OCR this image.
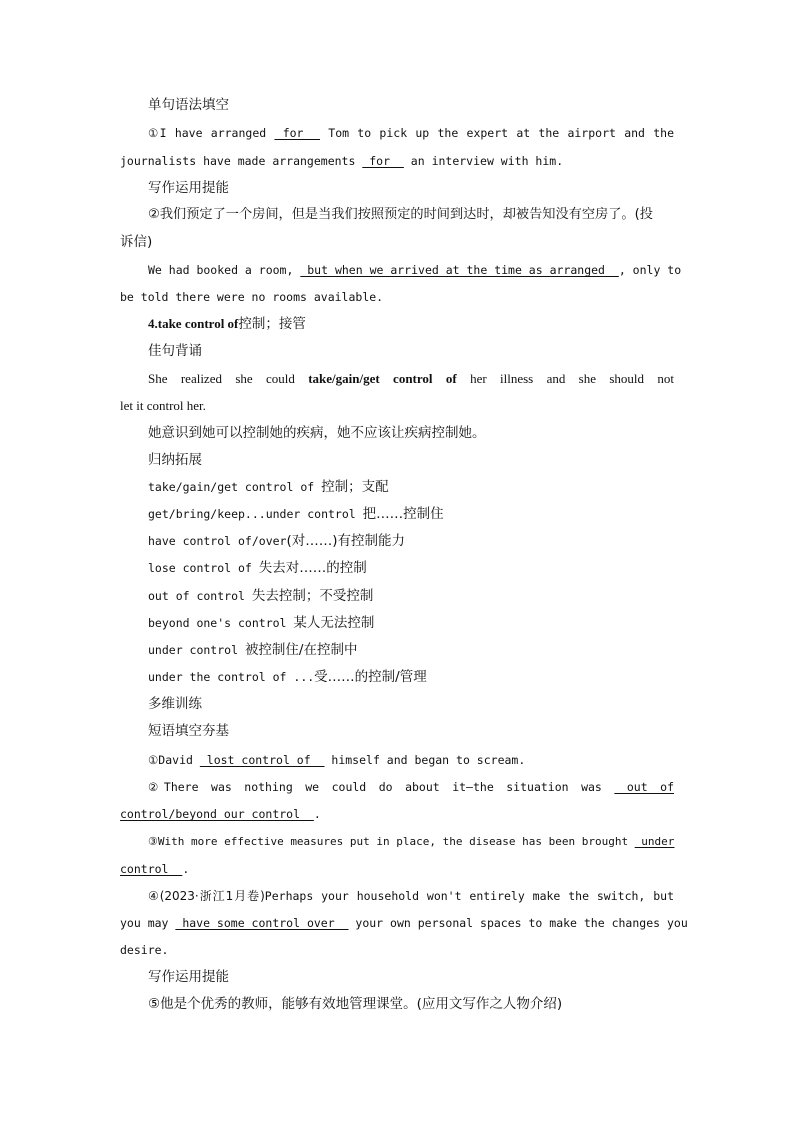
单句语法填空
①I have arranged  for   Tom to pick up the expert at the airport and the
journalists have made arrangements  for   an interview with him.
写作运用提能
②我们预定了一个房间，但是当我们按照预定的时间到达时，却被告知没有空房了。(投
诉信)
We had booked a room,  but when we arrived at the time as arranged  , only to
be told there were no rooms available.
4.take control of控制；接管
佳句背诵
She realized she could take/gain/get control of her illness and she should not
let it control her.
她意识到她可以控制她的疾病，她不应该让疾病控制她。
归纳拓展
take/gain/get control of 控制；支配
get/bring/keep...under control 把……控制住
have control of/over(对……)有控制能力
lose control of 失去对……的控制
out of control 失去控制；不受控制
beyond one's control 某人无法控制
under control 被控制住/在控制中
under the control of ...受……的控制/管理
多维训练
短语填空夯基
①David  lost control of   himself and began to scream.
②There was nothing we could do about it—the situation was  out of
control/beyond our control  .
③With more effective measures put in place, the disease has been brought  under
control  .
④(2023·浙江1月卷)Perhaps your household won't entirely make the switch, but
you may  have some control over   your own personal spaces to make the changes you
desire.
写作运用提能
⑤他是个优秀的教师，能够有效地管理课堂。(应用文写作之人物介绍)
